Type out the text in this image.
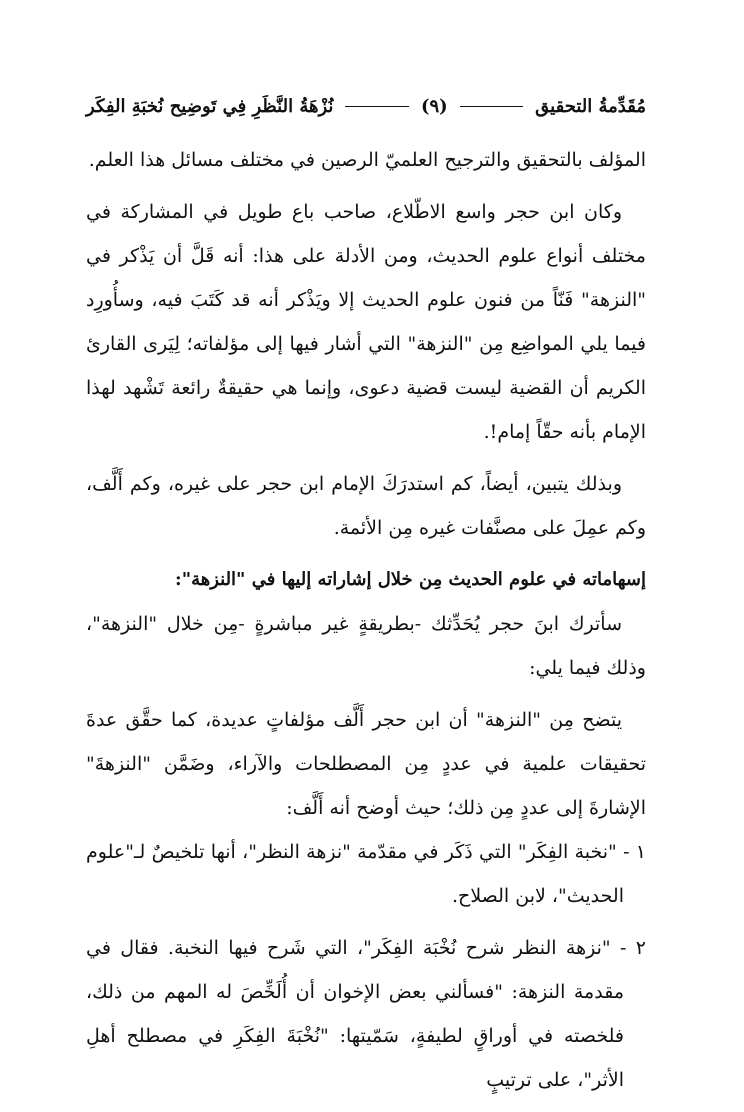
مُقَدِّمةُ التحقيق
(٩)
نُزْهَةُ النَّظَرِ فِي تَوضِيح نُخبَةِ الفِكَر

المؤلف بالتحقيق والترجيح العلميّ الرصين في مختلف مسائل هذا العلم.

وكان ابن حجر واسع الاطّلاع، صاحب باع طويل في المشاركة في مختلف أنواع علوم الحديث، ومن الأدلة على هذا: أنه قَلَّ أن يَذْكر في "النزهة" فَنّاً من فنون علوم الحديث إلا ويَذْكر أنه قد كَتَبَ فيه، وسأُورِد فيما يلي المواضِع مِن "النزهة" التي أشار فيها إلى مؤلفاته؛ لِيَرى القارئ الكريم أن القضية ليست قضية دعوى، وإنما هي حقيقةٌ رائعة تَشْهد لهذا الإمام بأنه حقّاً إمام!.

وبذلك يتبين، أيضاً، كم استدرَكَ الإمام ابن حجر على غيره، وكم أَلَّف، وكم عمِلَ على مصنَّفات غيره مِن الأئمة.

إسهاماته في علوم الحديث مِن خلال إشاراته إليها في "النزهة":

سأترك ابنَ حجر يُحَدِّثك -بطريقةٍ غير مباشرةٍ -مِن خلال "النزهة"، وذلك فيما يلي:

يتضح مِن "النزهة" أن ابن حجر أَلَّف مؤلفاتٍ عديدة، كما حقَّق عدةَ تحقيقات علمية في عددٍ مِن المصطلحات والآراء، وضَمَّن "النزهةَ" الإشارةَ إلى عددٍ مِن ذلك؛ حيث أوضح أنه أَلَّف:

١ - "نخبة الفِكَر" التي ذَكَر في مقدّمة "نزهة النظر"، أنها تلخيصٌ لـ"علوم الحديث"، لابن الصلاح.

٢ - "نزهة النظر شرح نُخْبَة الفِكَر"، التي شَرح فيها النخبة. فقال في مقدمة النزهة: "فسألني بعض الإخوان أن أُلَخِّصَ له المهم من ذلك، فلخصته في أوراقٍ لطيفةٍ، سَمّيتها: "نُخْبَةَ الفِكَرِ في مصطلح أهلِ الأثر"، على ترتيبٍ
